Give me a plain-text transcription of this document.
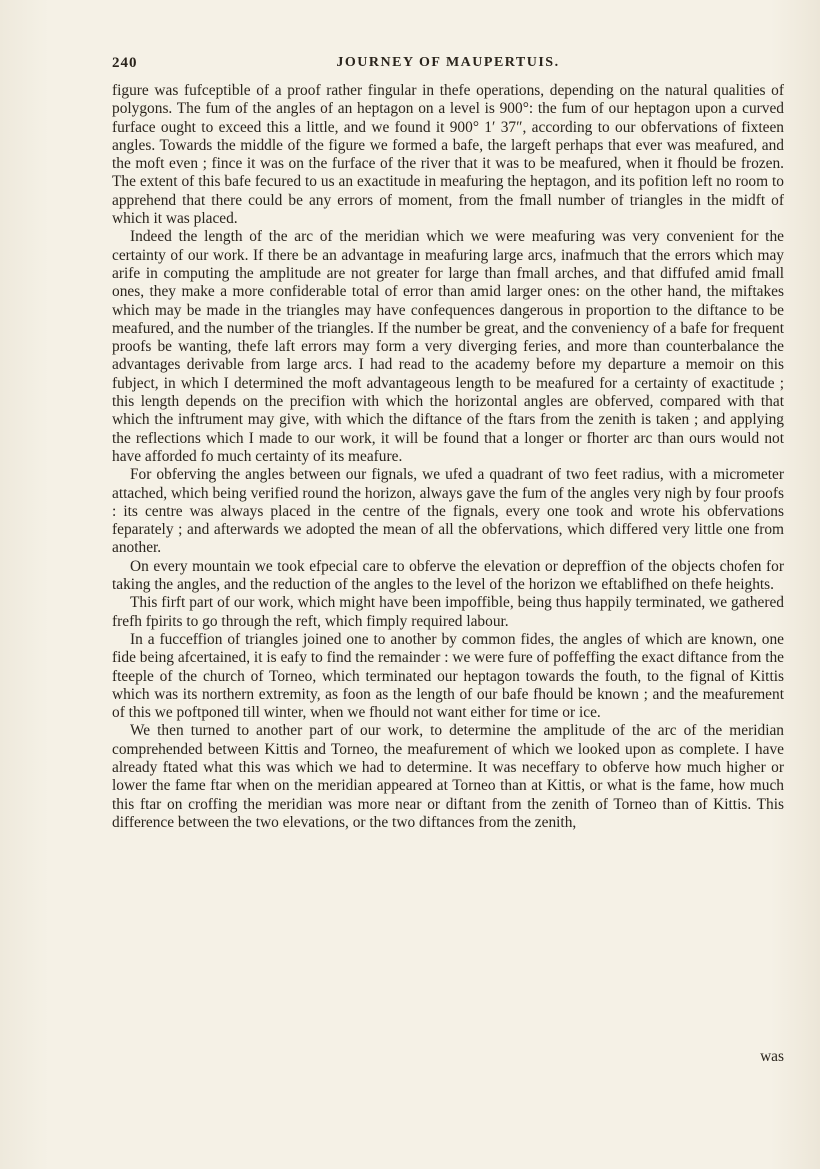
240	JOURNEY OF MAUPERTUIS.

figure was fufceptible of a proof rather fingular in thefe operations, depending on the natural qualities of polygons. The fum of the angles of an heptagon on a level is 900°: the fum of our heptagon upon a curved furface ought to exceed this a little, and we found it 900° 1′ 37″, according to our obfervations of fixteen angles. Towards the middle of the figure we formed a bafe, the largeft perhaps that ever was meafured, and the moft even ; fince it was on the furface of the river that it was to be meafured, when it fhould be frozen. The extent of this bafe fecured to us an exactitude in meafuring the heptagon, and its pofition left no room to apprehend that there could be any errors of moment, from the fmall number of triangles in the midft of which it was placed.

Indeed the length of the arc of the meridian which we were meafuring was very convenient for the certainty of our work. If there be an advantage in meafuring large arcs, inafmuch that the errors which may arife in computing the amplitude are not greater for large than fmall arches, and that diffufed amid fmall ones, they make a more confiderable total of error than amid larger ones: on the other hand, the miftakes which may be made in the triangles may have confequences dangerous in proportion to the diftance to be meafured, and the number of the triangles. If the number be great, and the conveniency of a bafe for frequent proofs be wanting, thefe laft errors may form a very diverging feries, and more than counterbalance the advantages derivable from large arcs. I had read to the academy before my departure a memoir on this fubject, in which I determined the moft advantageous length to be meafured for a certainty of exactitude ; this length depends on the precifion with which the horizontal angles are obferved, compared with that which the inftrument may give, with which the diftance of the ftars from the zenith is taken ; and applying the reflections which I made to our work, it will be found that a longer or fhorter arc than ours would not have afforded fo much certainty of its meafure.

For obferving the angles between our fignals, we ufed a quadrant of two feet radius, with a micrometer attached, which being verified round the horizon, always gave the fum of the angles very nigh by four proofs : its centre was always placed in the centre of the fignals, every one took and wrote his obfervations feparately ; and afterwards we adopted the mean of all the obfervations, which differed very little one from another.

On every mountain we took efpecial care to obferve the elevation or depreffion of the objects chofen for taking the angles, and the reduction of the angles to the level of the horizon we eftablifhed on thefe heights.

This firft part of our work, which might have been impoffible, being thus happily terminated, we gathered frefh fpirits to go through the reft, which fimply required labour.

In a fucceffion of triangles joined one to another by common fides, the angles of which are known, one fide being afcertained, it is eafy to find the remainder : we were fure of poffeffing the exact diftance from the fteeple of the church of Torneo, which terminated our heptagon towards the fouth, to the fignal of Kittis which was its northern extremity, as foon as the length of our bafe fhould be known ; and the meafurement of this we poftponed till winter, when we fhould not want either for time or ice.

We then turned to another part of our work, to determine the amplitude of the arc of the meridian comprehended between Kittis and Torneo, the meafurement of which we looked upon as complete. I have already ftated what this was which we had to determine. It was neceffary to obferve how much higher or lower the fame ftar when on the meridian appeared at Torneo than at Kittis, or what is the fame, how much this ftar on croffing the meridian was more near or diftant from the zenith of Torneo than of Kittis. This difference between the two elevations, or the two diftances from the zenith,

was
